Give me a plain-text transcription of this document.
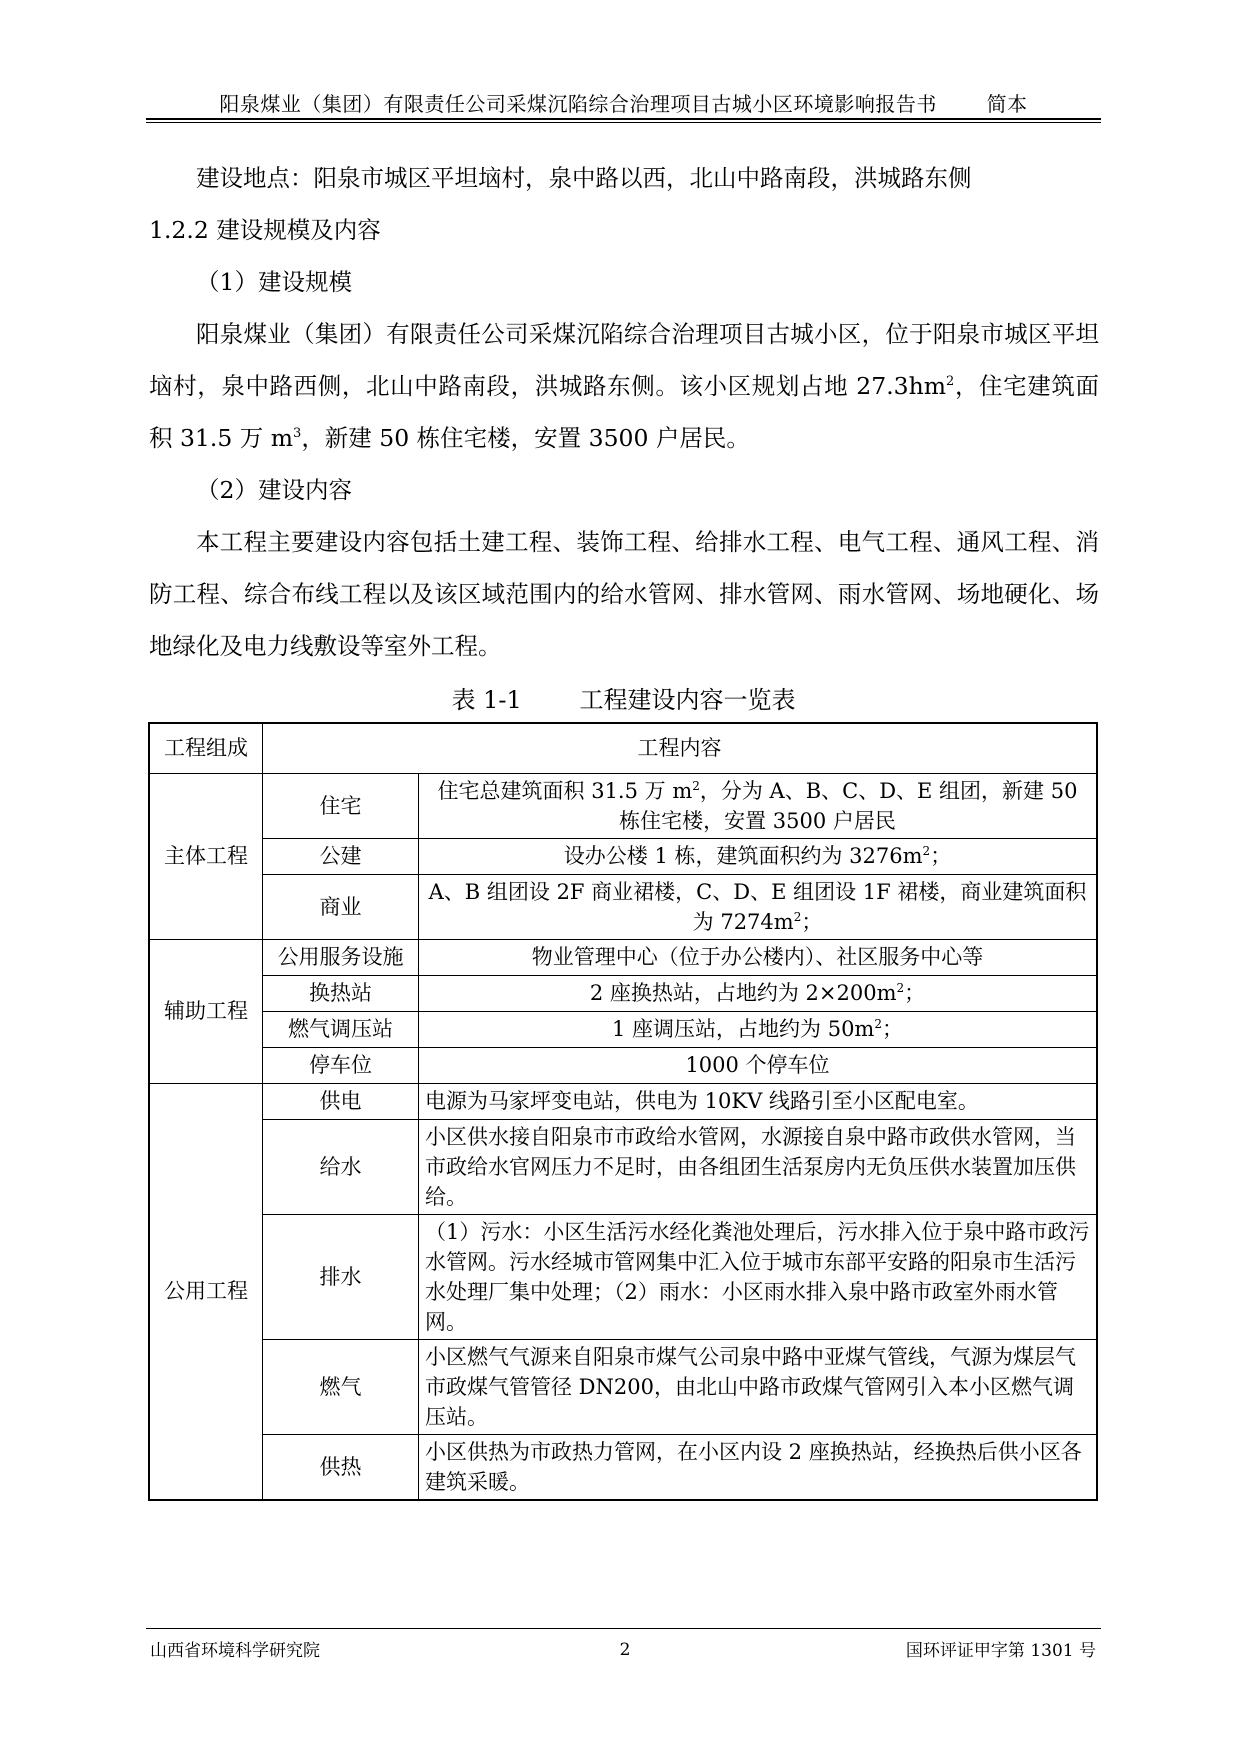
阳泉煤业（集团）有限责任公司采煤沉陷综合治理项目古城小区环境影响报告书 简本

建设地点：阳泉市城区平坦垴村，泉中路以西，北山中路南段，洪城路东侧

1.2.2 建设规模及内容

（1）建设规模

阳泉煤业（集团）有限责任公司采煤沉陷综合治理项目古城小区，位于阳泉市城区平坦垴村，泉中路西侧，北山中路南段，洪城路东侧。该小区规划占地 $27.3hm^2$，住宅建筑面积 31.5 万 $m^3$，新建 50 栋住宅楼，安置 3500 户居民。

（2）建设内容

本工程主要建设内容包括土建工程、装饰工程、给排水工程、电气工程、通风工程、消防工程、综合布线工程以及该区域范围内的给水管网、排水管网、雨水管网、场地硬化、场地绿化及电力线敷设等室外工程。

表 1-1 工程建设内容一览表
工程组成	工程内容	
主体工程	住宅	住宅总建筑面积 31.5 万 $m^2$，分为 A、B、C、D、E 组团，新建 50 栋住宅楼，安置 3500 户居民
	公建	设办公楼 1 栋，建筑面积约为 $3276m^2$；
	商业	A、B 组团设 2F 商业裙楼，C、D、E 组团设 1F 裙楼，商业建筑面积为 $7274m^2$；
辅助工程	公用服务设施	物业管理中心（位于办公楼内）、社区服务中心等
	换热站	2 座换热站，占地约为 $2\times 200m^2$；
	燃气调压站	1 座调压站，占地约为 $50m^2$；
	停车位	1000 个停车位
公用工程	供电	电源为马家坪变电站，供电为 10KV 线路引至小区配电室。
	给水	小区供水接自阳泉市市政给水管网，水源接自泉中路市政供水管网，当市政给水官网压力不足时，由各组团生活泵房内无负压供水装置加压供给。
	排水	（1）污水：小区生活污水经化粪池处理后，污水排入位于泉中路市政污水管网。污水经城市管网集中汇入位于城市东部平安路的阳泉市生活污水处理厂集中处理；（2）雨水：小区雨水排入泉中路市政室外雨水管网。
	燃气	小区燃气气源来自阳泉市煤气公司泉中路中亚煤气管线，气源为煤层气市政煤气管管径 DN200，由北山中路市政煤气管网引入本小区燃气调压站。
	供热	小区供热为市政热力管网，在小区内设 2 座换热站，经换热后供小区各建筑采暖。
山西省环境科学研究院	2	国环评证甲字第 1301 号
